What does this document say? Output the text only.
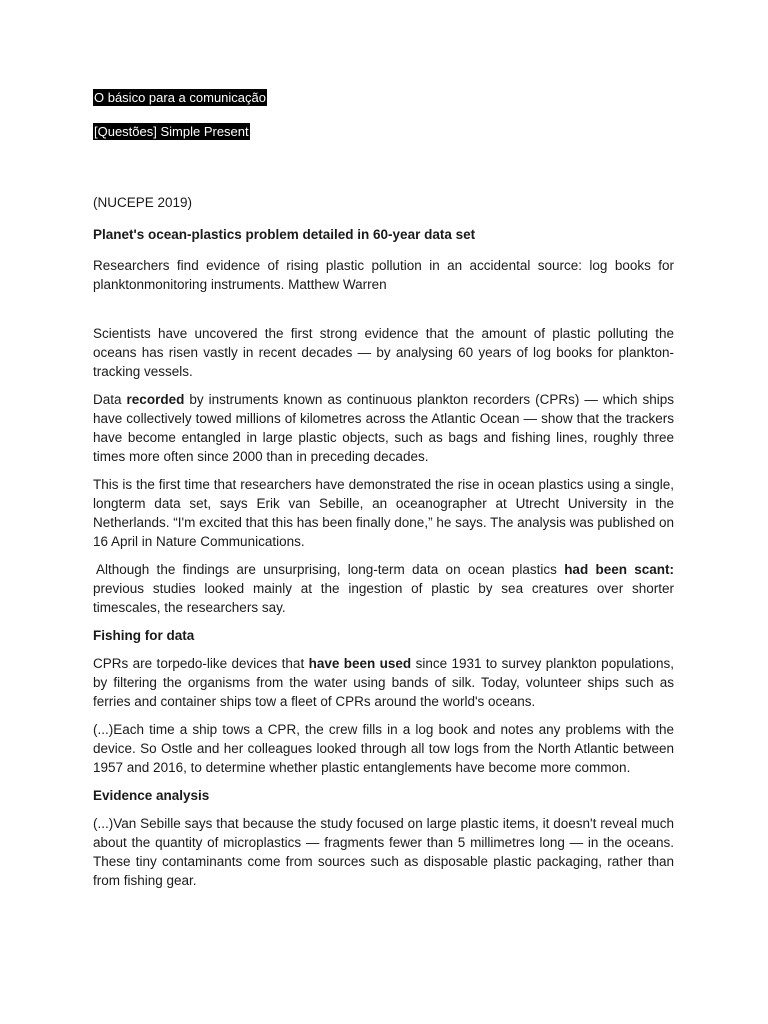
O básico para a comunicação
[Questões] Simple Present
(NUCEPE 2019)
Planet's ocean-plastics problem detailed in 60-year data set

Researchers find evidence of rising plastic pollution in an accidental source: log books for planktonmonitoring instruments. Matthew Warren

Scientists have uncovered the first strong evidence that the amount of plastic polluting the oceans has risen vastly in recent decades — by analysing 60 years of log books for plankton-tracking vessels.

Data recorded by instruments known as continuous plankton recorders (CPRs) — which ships have collectively towed millions of kilometres across the Atlantic Ocean — show that the trackers have become entangled in large plastic objects, such as bags and fishing lines, roughly three times more often since 2000 than in preceding decades.

This is the first time that researchers have demonstrated the rise in ocean plastics using a single, longterm data set, says Erik van Sebille, an oceanographer at Utrecht University in the Netherlands. “I'm excited that this has been finally done,” he says. The analysis was published on 16 April in Nature Communications.

Although the findings are unsurprising, long-term data on ocean plastics had been scant: previous studies looked mainly at the ingestion of plastic by sea creatures over shorter timescales, the researchers say.

Fishing for data

CPRs are torpedo-like devices that have been used since 1931 to survey plankton populations, by filtering the organisms from the water using bands of silk. Today, volunteer ships such as ferries and container ships tow a fleet of CPRs around the world's oceans.

(...)Each time a ship tows a CPR, the crew fills in a log book and notes any problems with the device. So Ostle and her colleagues looked through all tow logs from the North Atlantic between 1957 and 2016, to determine whether plastic entanglements have become more common.

Evidence analysis

(...)Van Sebille says that because the study focused on large plastic items, it doesn't reveal much about the quantity of microplastics — fragments fewer than 5 millimetres long — in the oceans. These tiny contaminants come from sources such as disposable plastic packaging, rather than from fishing gear.
